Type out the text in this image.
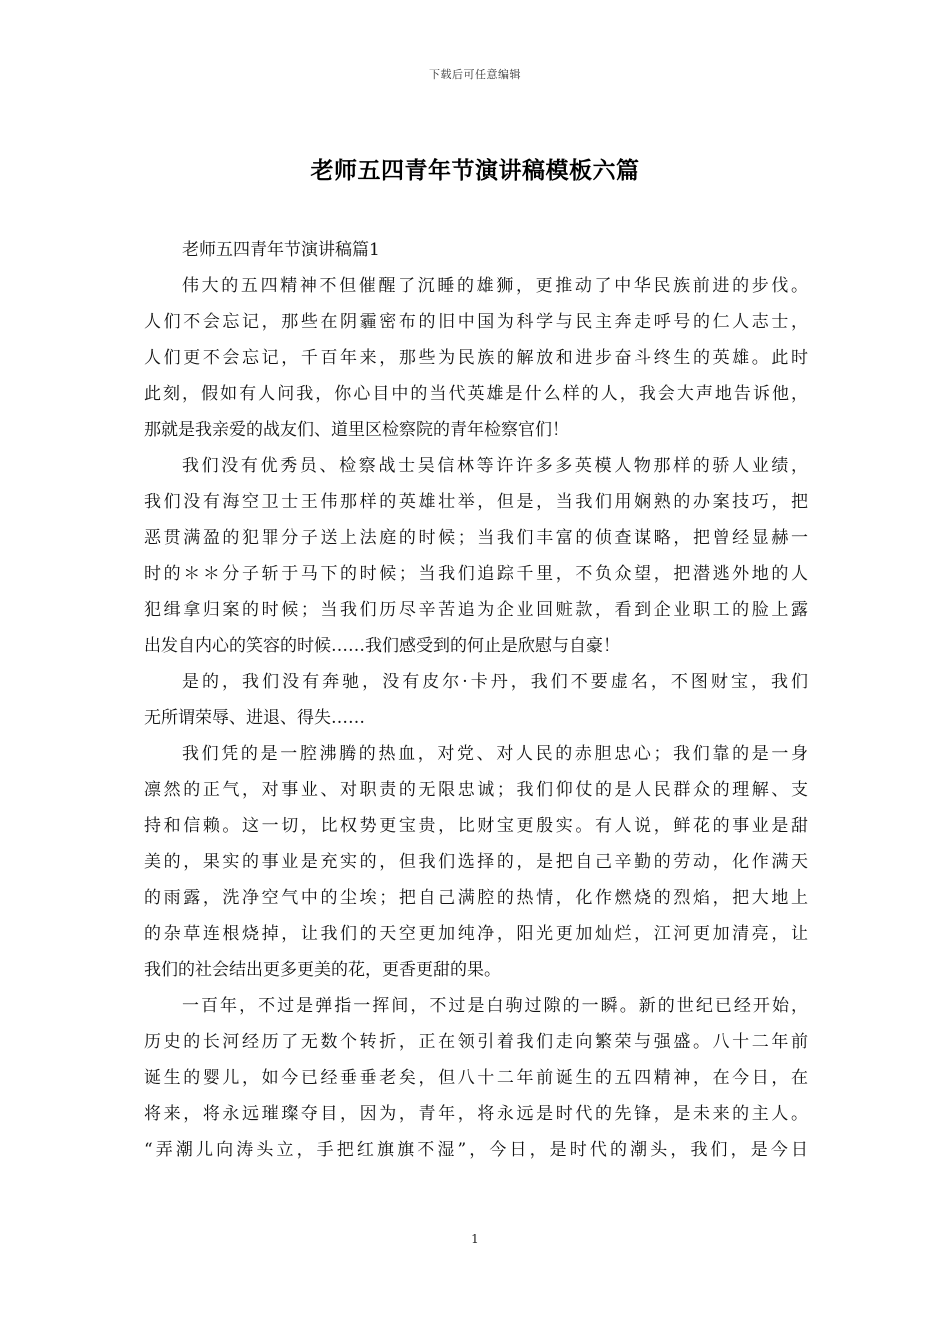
下载后可任意编辑
老师五四青年节演讲稿模板六篇

老师五四青年节演讲稿篇1

伟大的五四精神不但催醒了沉睡的雄狮，更推动了中华民族前进的步伐。
人们不会忘记，那些在阴霾密布的旧中国为科学与民主奔走呼号的仁人志士，
人们更不会忘记，千百年来，那些为民族的解放和进步奋斗终生的英雄。此时
此刻，假如有人问我，你心目中的当代英雄是什么样的人，我会大声地告诉他，
那就是我亲爱的战友们、道里区检察院的青年检察官们！

我们没有优秀员、检察战士吴信林等许许多多英模人物那样的骄人业绩，
我们没有海空卫士王伟那样的英雄壮举，但是，当我们用娴熟的办案技巧，把
恶贯满盈的犯罪分子送上法庭的时候；当我们丰富的侦查谋略，把曾经显赫一
时的＊＊分子斩于马下的时候；当我们追踪千里，不负众望，把潜逃外地的人
犯缉拿归案的时候；当我们历尽辛苦追为企业回赃款，看到企业职工的脸上露
出发自内心的笑容的时候……我们感受到的何止是欣慰与自豪！

是的，我们没有奔驰，没有皮尔·卡丹，我们不要虚名，不图财宝，我们
无所谓荣辱、进退、得失……

我们凭的是一腔沸腾的热血，对党、对人民的赤胆忠心；我们靠的是一身
凛然的正气，对事业、对职责的无限忠诚；我们仰仗的是人民群众的理解、支
持和信赖。这一切，比权势更宝贵，比财宝更殷实。有人说，鲜花的事业是甜
美的，果实的事业是充实的，但我们选择的，是把自己辛勤的劳动，化作满天
的雨露，洗净空气中的尘埃；把自己满腔的热情，化作燃烧的烈焰，把大地上
的杂草连根烧掉，让我们的天空更加纯净，阳光更加灿烂，江河更加清亮，让
我们的社会结出更多更美的花，更香更甜的果。

一百年，不过是弹指一挥间，不过是白驹过隙的一瞬。新的世纪已经开始，
历史的长河经历了无数个转折，正在领引着我们走向繁荣与强盛。八十二年前
诞生的婴儿，如今已经垂垂老矣，但八十二年前诞生的五四精神，在今日，在
将来，将永远璀璨夺目，因为，青年，将永远是时代的先锋，是未来的主人。
“弄潮儿向涛头立，手把红旗旗不湿”，今日，是时代的潮头，我们，是今日

1
